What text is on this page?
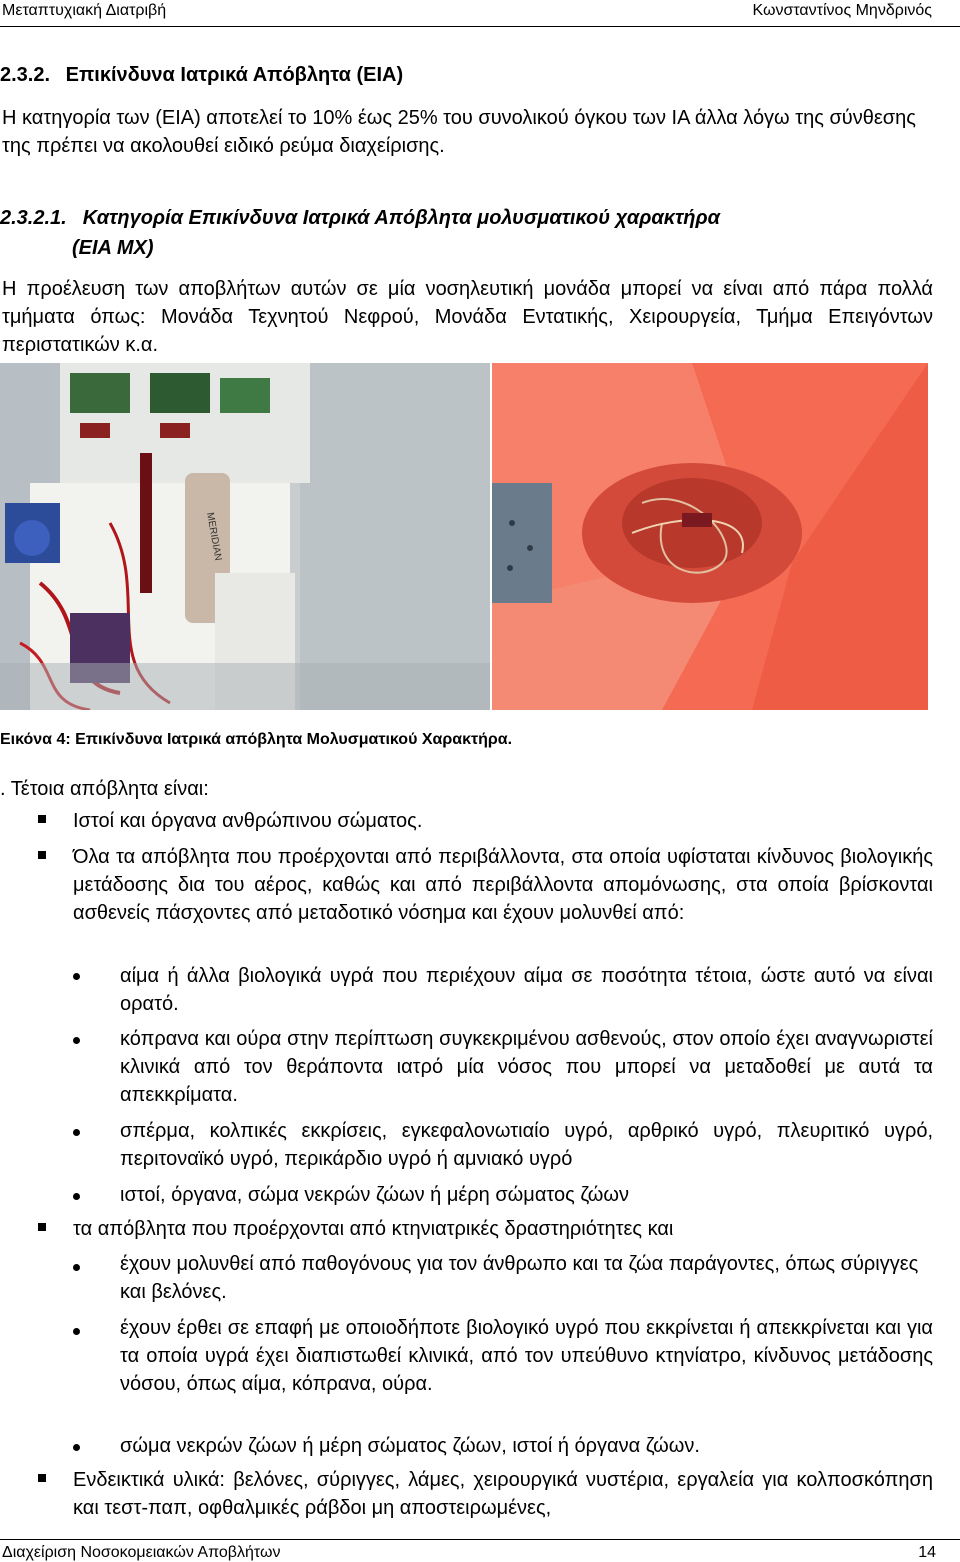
Μεταπτυχιακή Διατριβή	Κωνσταντίνος Μηνδρινός
2.3.2. Επικίνδυνα Ιατρικά Απόβλητα (ΕΙΑ)
Η κατηγορία των (ΕΙΑ) αποτελεί το 10% έως 25% του συνολικού όγκου των ΙΑ άλλα λόγω της σύνθεσης της πρέπει να ακολουθεί ειδικό ρεύμα διαχείρισης.
2.3.2.1. Κατηγορία Επικίνδυνα Ιατρικά Απόβλητα μολυσματικού χαρακτήρα
(ΕΙΑ ΜΧ)
Η προέλευση των αποβλήτων αυτών σε μία νοσηλευτική μονάδα μπορεί να είναι από πάρα πολλά τμήματα όπως: Μονάδα Τεχνητού Νεφρού, Μονάδα Εντατικής, Χειρουργεία, Τμήμα Επειγόντων περιστατικών κ.α.
MERIDIAN
Εικόνα 4: Επικίνδυνα Ιατρικά απόβλητα Μολυσματικού Χαρακτήρα.
. Τέτοια απόβλητα είναι:
Ιστοί και όργανα ανθρώπινου σώματος.
Όλα τα απόβλητα που προέρχονται από περιβάλλοντα, στα οποία υφίσταται κίνδυνος βιολογικής μετάδοσης δια του αέρος, καθώς και από περιβάλλοντα απομόνωσης, στα οποία βρίσκονται ασθενείς πάσχοντες από μεταδοτικό νόσημα και έχουν μολυνθεί από:
αίμα ή άλλα βιολογικά υγρά που περιέχουν αίμα σε ποσότητα τέτοια, ώστε αυτό να είναι ορατό.
κόπρανα και ούρα στην περίπτωση συγκεκριμένου ασθενούς, στον οποίο έχει αναγνωριστεί κλινικά από τον θεράποντα ιατρό μία νόσος που μπορεί να μεταδοθεί με αυτά τα απεκκρίματα.
σπέρμα, κολπικές εκκρίσεις, εγκεφαλονωτιαίο υγρό, αρθρικό υγρό, πλευριτικό υγρό, περιτοναϊκό υγρό, περικάρδιο υγρό ή αμνιακό υγρό
ιστοί, όργανα, σώμα νεκρών ζώων ή μέρη σώματος ζώων
τα απόβλητα που προέρχονται από κτηνιατρικές δραστηριότητες και
έχουν μολυνθεί από παθογόνους για τον άνθρωπο και τα ζώα παράγοντες, όπως σύριγγες και βελόνες.
έχουν έρθει σε επαφή με οποιοδήποτε βιολογικό υγρό που εκκρίνεται ή απεκκρίνεται και για τα οποία υγρά έχει διαπιστωθεί κλινικά, από τον υπεύθυνο κτηνίατρο, κίνδυνος μετάδοσης νόσου, όπως αίμα, κόπρανα, ούρα.
σώμα νεκρών ζώων ή μέρη σώματος ζώων, ιστοί ή όργανα ζώων.
Ενδεικτικά υλικά: βελόνες, σύριγγες, λάμες, χειρουργικά νυστέρια, εργαλεία για κολποσκόπηση και τεστ-παπ, οφθαλμικές ράβδοι μη αποστειρωμένες,
Διαχείριση Νοσοκομειακών Αποβλήτων	14
